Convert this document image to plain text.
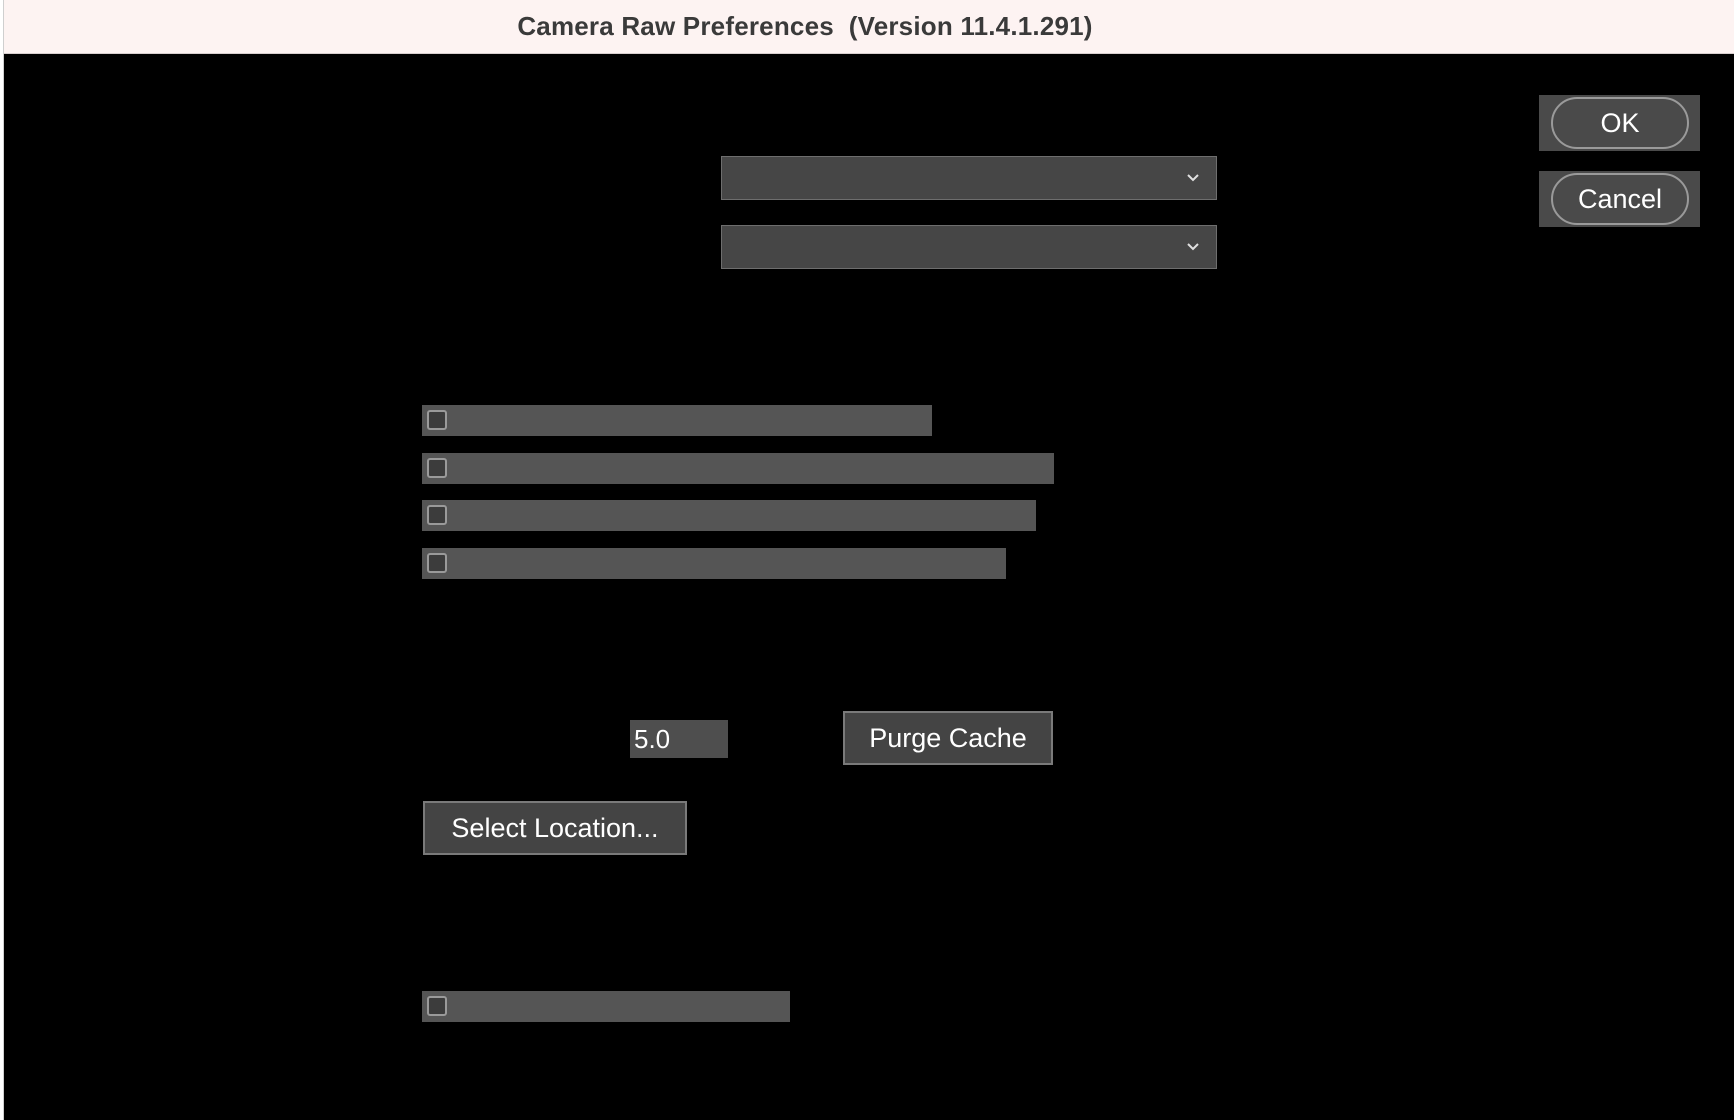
Camera Raw Preferences  (Version 11.4.1.291)
OK
Cancel
5.0
Purge Cache
Select Location...
